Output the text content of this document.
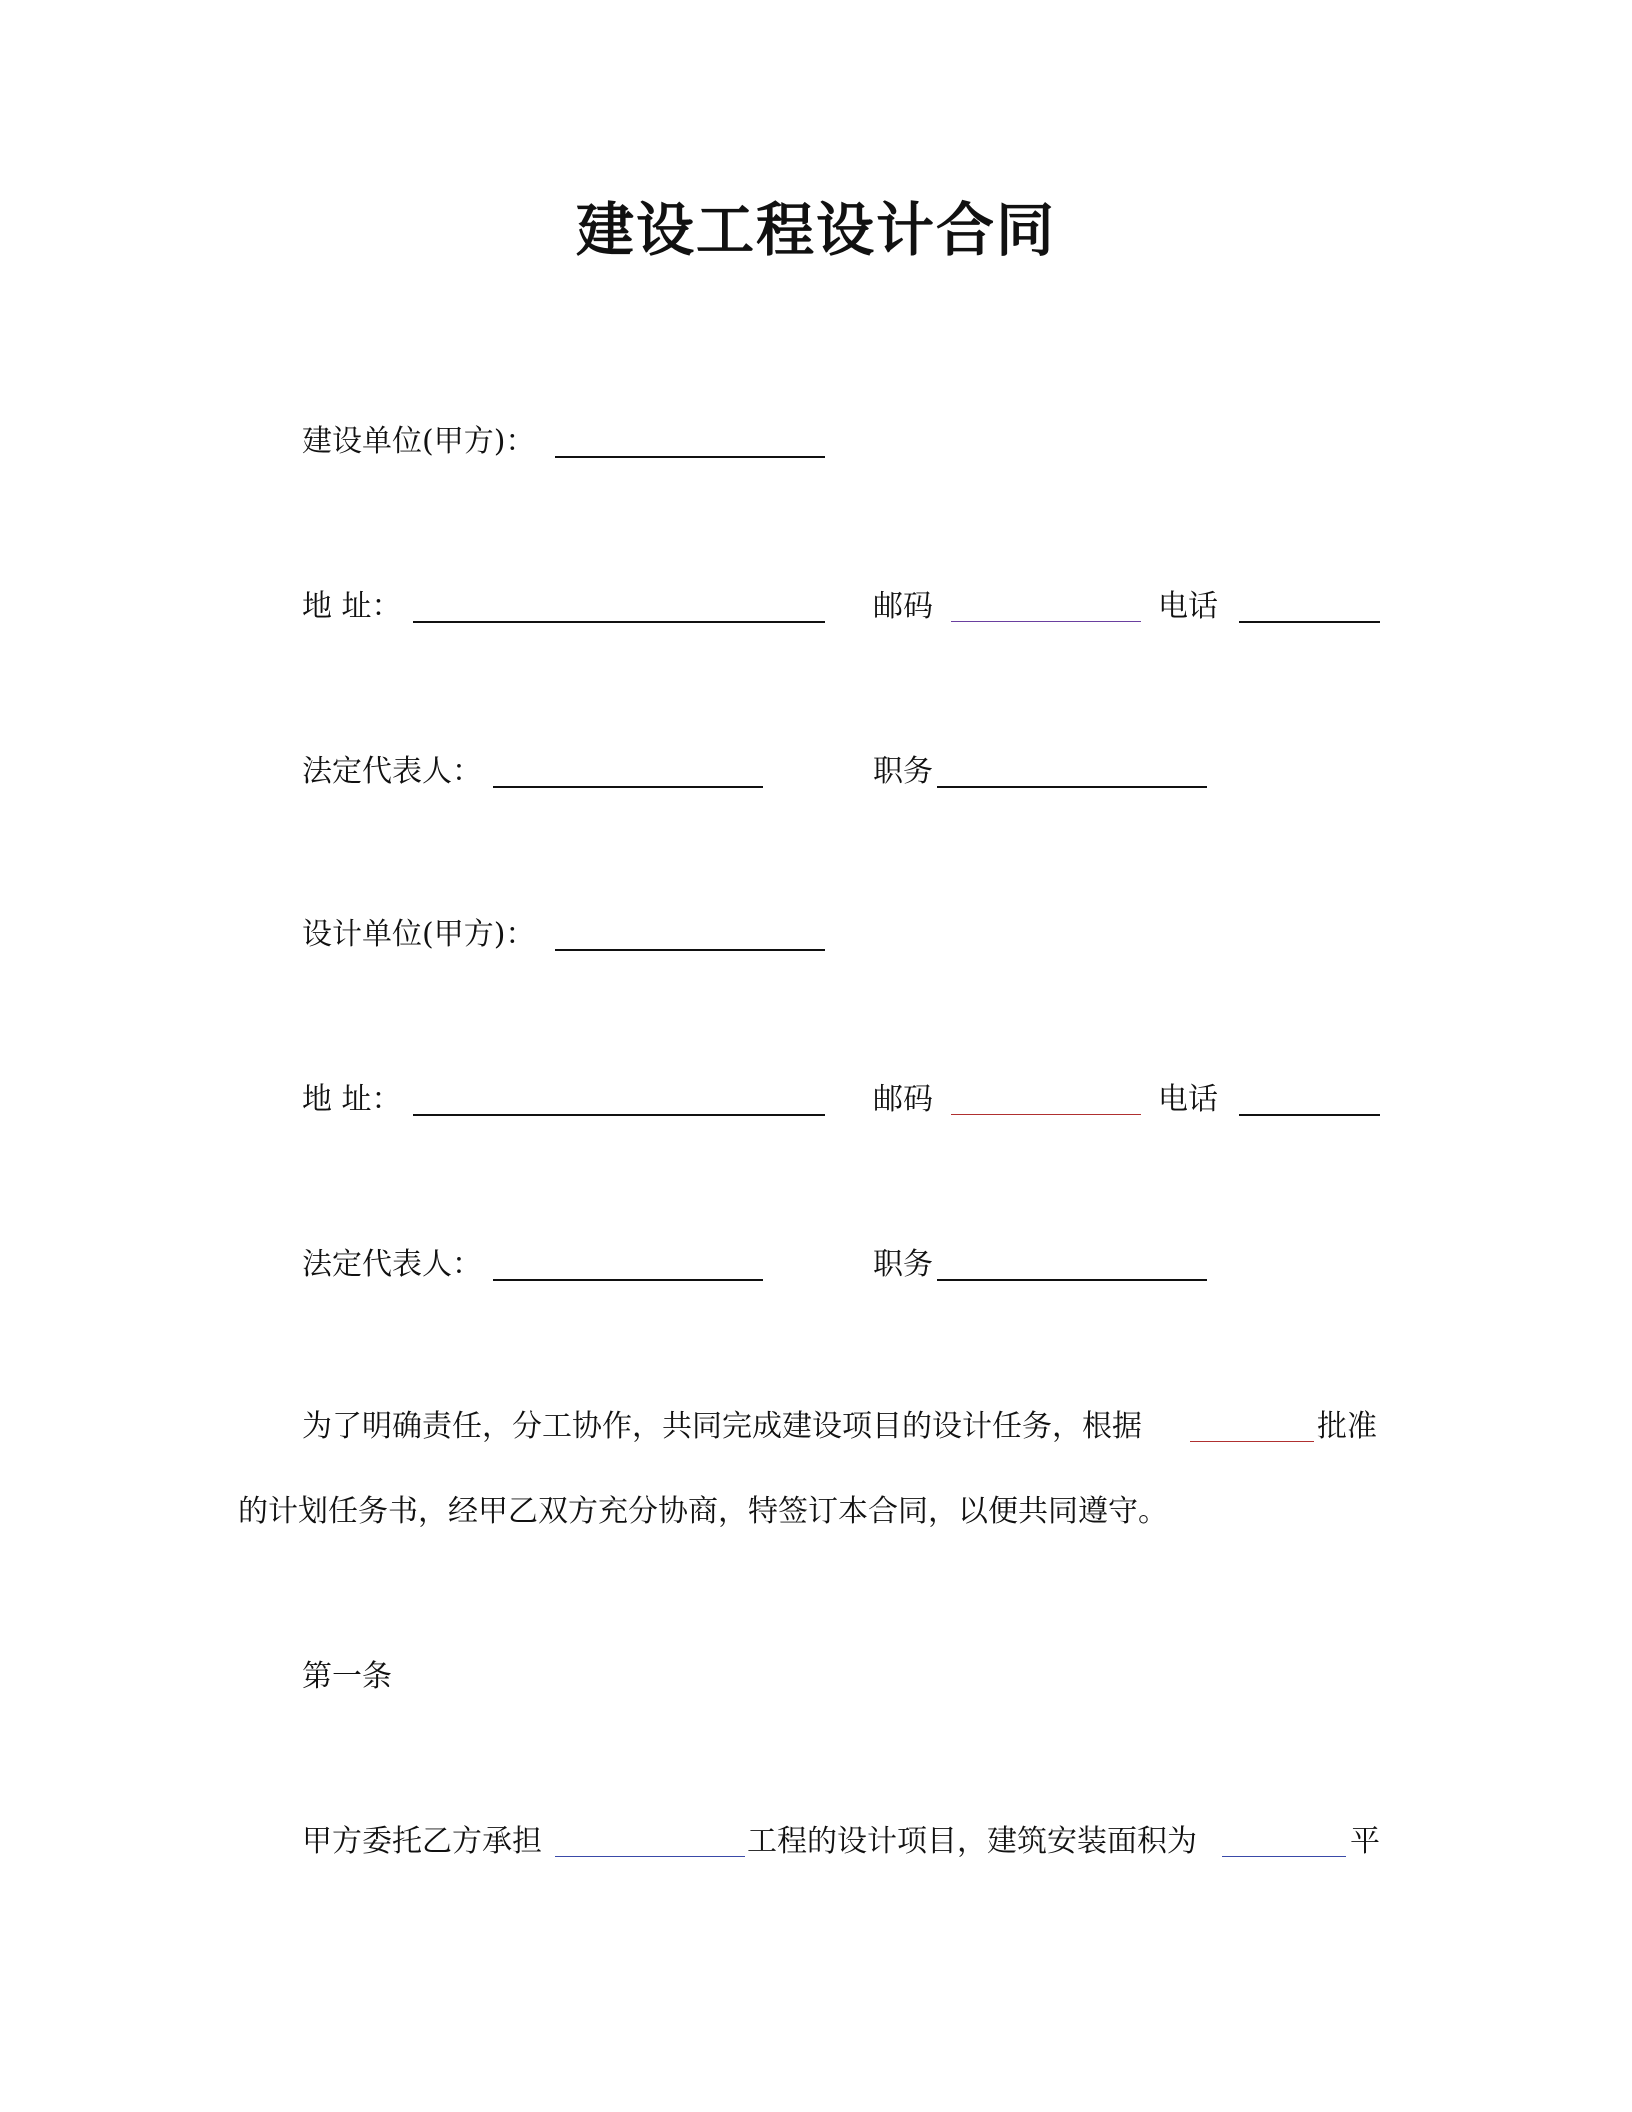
建设工程设计合同
建设单位(甲方)：
地 址：	邮码	电话
法定代表人：	职务
设计单位(甲方)：
地 址：	邮码	电话
法定代表人：	职务
为了明确责任，分工协作，共同完成建设项目的设计任务，根据	批准
的计划任务书，经甲乙双方充分协商，特签订本合同，以便共同遵守。
第一条
甲方委托乙方承担	工程的设计项目，建筑安装面积为	平
